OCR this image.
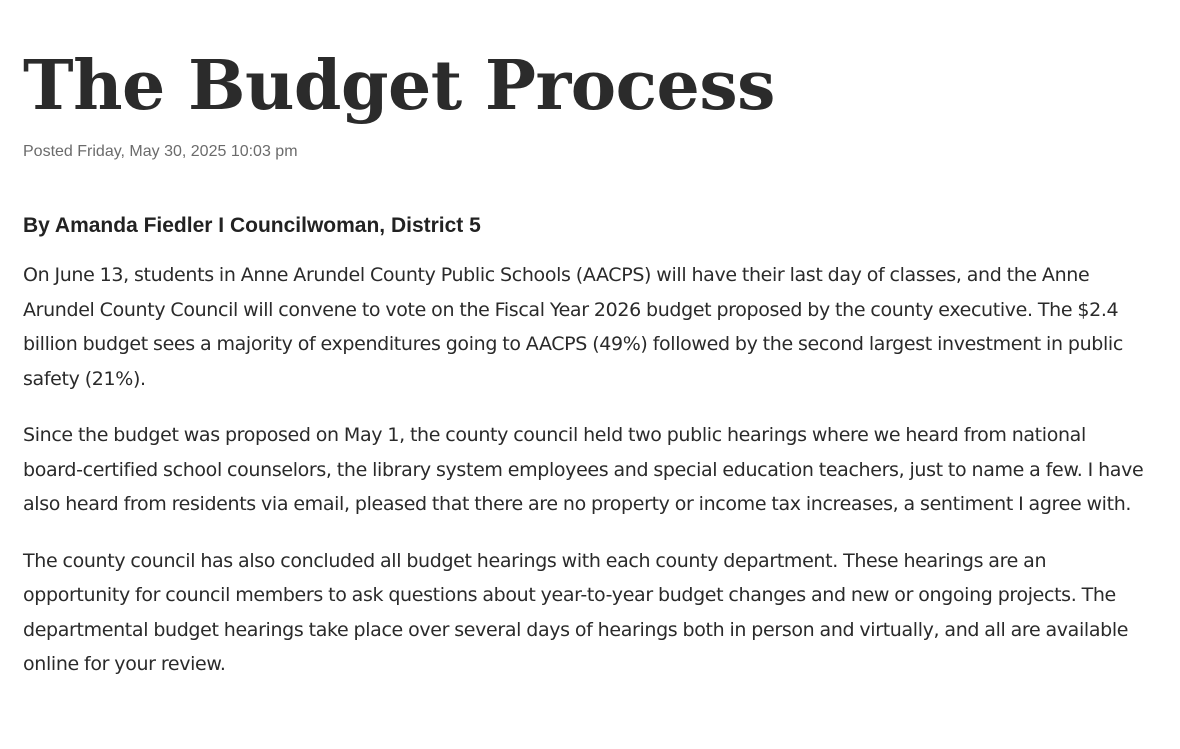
The Budget Process

Posted Friday, May 30, 2025 10:03 pm

By Amanda Fiedler I Councilwoman, District 5

On June 13, students in Anne Arundel County Public Schools (AACPS) will have their last day of classes, and the Anne Arundel County Council will convene to vote on the Fiscal Year 2026 budget proposed by the county executive. The $2.4 billion budget sees a majority of expenditures going to AACPS (49%) followed by the second largest investment in public safety (21%).

Since the budget was proposed on May 1, the county council held two public hearings where we heard from national board-certified school counselors, the library system employees and special education teachers, just to name a few. I have also heard from residents via email, pleased that there are no property or income tax increases, a sentiment I agree with.

The county council has also concluded all budget hearings with each county department. These hearings are an opportunity for council members to ask questions about year-to-year budget changes and new or ongoing projects. The departmental budget hearings take place over several days of hearings both in person and virtually, and all are available online for your review.
